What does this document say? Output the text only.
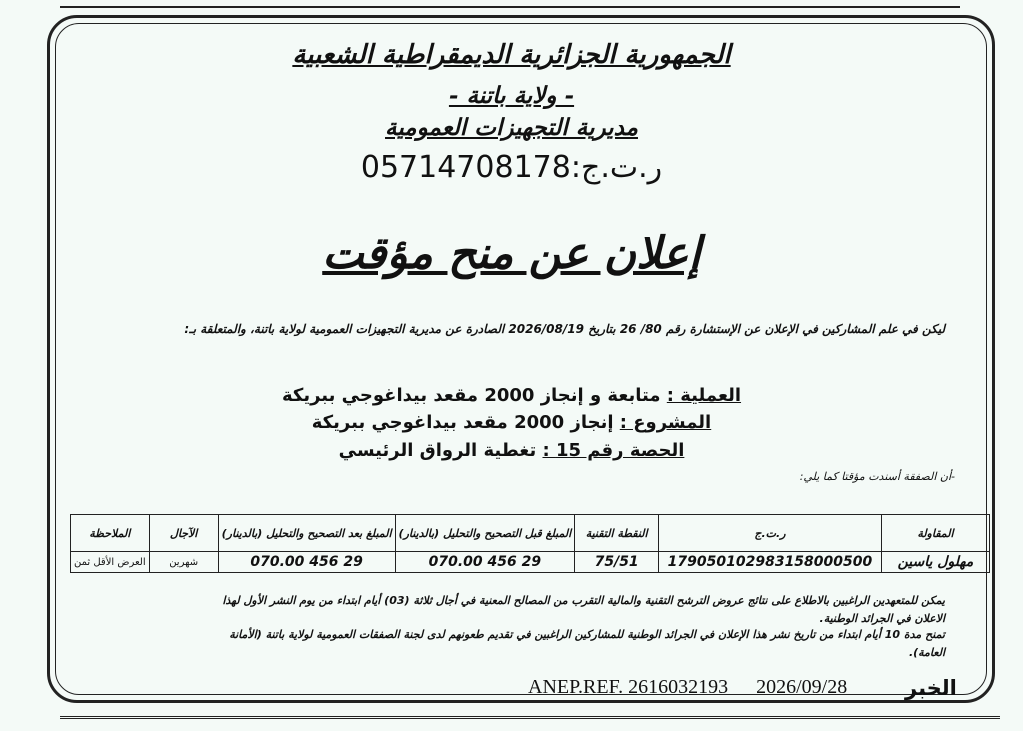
الجمهورية الجزائرية الديمقراطية الشعبية
- ولاية باتنة -
مديرية التجهيزات العمومية
ر.ت.ج:05714708178
إعلان عن منح مؤقت
ليكن في علم المشاركين في الإعلان عن الإستشارة رقم 80/ 26 بتاريخ 2026/08/19 الصادرة عن مديرية التجهيزات العمومية لولاية باتنة، والمتعلقة بـ:
العملية : متابعة و إنجاز 2000 مقعد بيداغوجي ببريكة
المشروع : إنجاز 2000 مقعد بيداغوجي ببريكة
الحصة رقم 15 : تغطية الرواق الرئيسي
-أن الصفقة أسندت مؤقتا كما يلي:
المقاولة	ر.ت.ج	النقطة التقنية	المبلغ قبل التصحيح والتحليل (بالدينار)	المبلغ بعد التصحيح والتحليل (بالدينار)	الآجال	الملاحظة
مهلول ياسين	179050102983158000500	75/51	29 456 070.00	29 456 070.00	شهرين	العرض الأقل ثمن
يمكن للمتعهدين الراغبين بالاطلاع على نتائج عروض الترشح التقنية والمالية التقرب من المصالح المعنية في أجال ثلاثة (03) أيام ابتداء من يوم النشر الأول لهذا
الاعلان في الجرائد الوطنية.
تمنح مدة 10 أيام ابتداء من تاريخ نشر هذا الإعلان في الجرائد الوطنية للمشاركين الراغبين في تقديم طعونهم لدى لجنة الصفقات العمومية لولاية باتنة (الأمانة
العامة).
ANEP.REF. 2616032193 2026/09/28	الخبر
